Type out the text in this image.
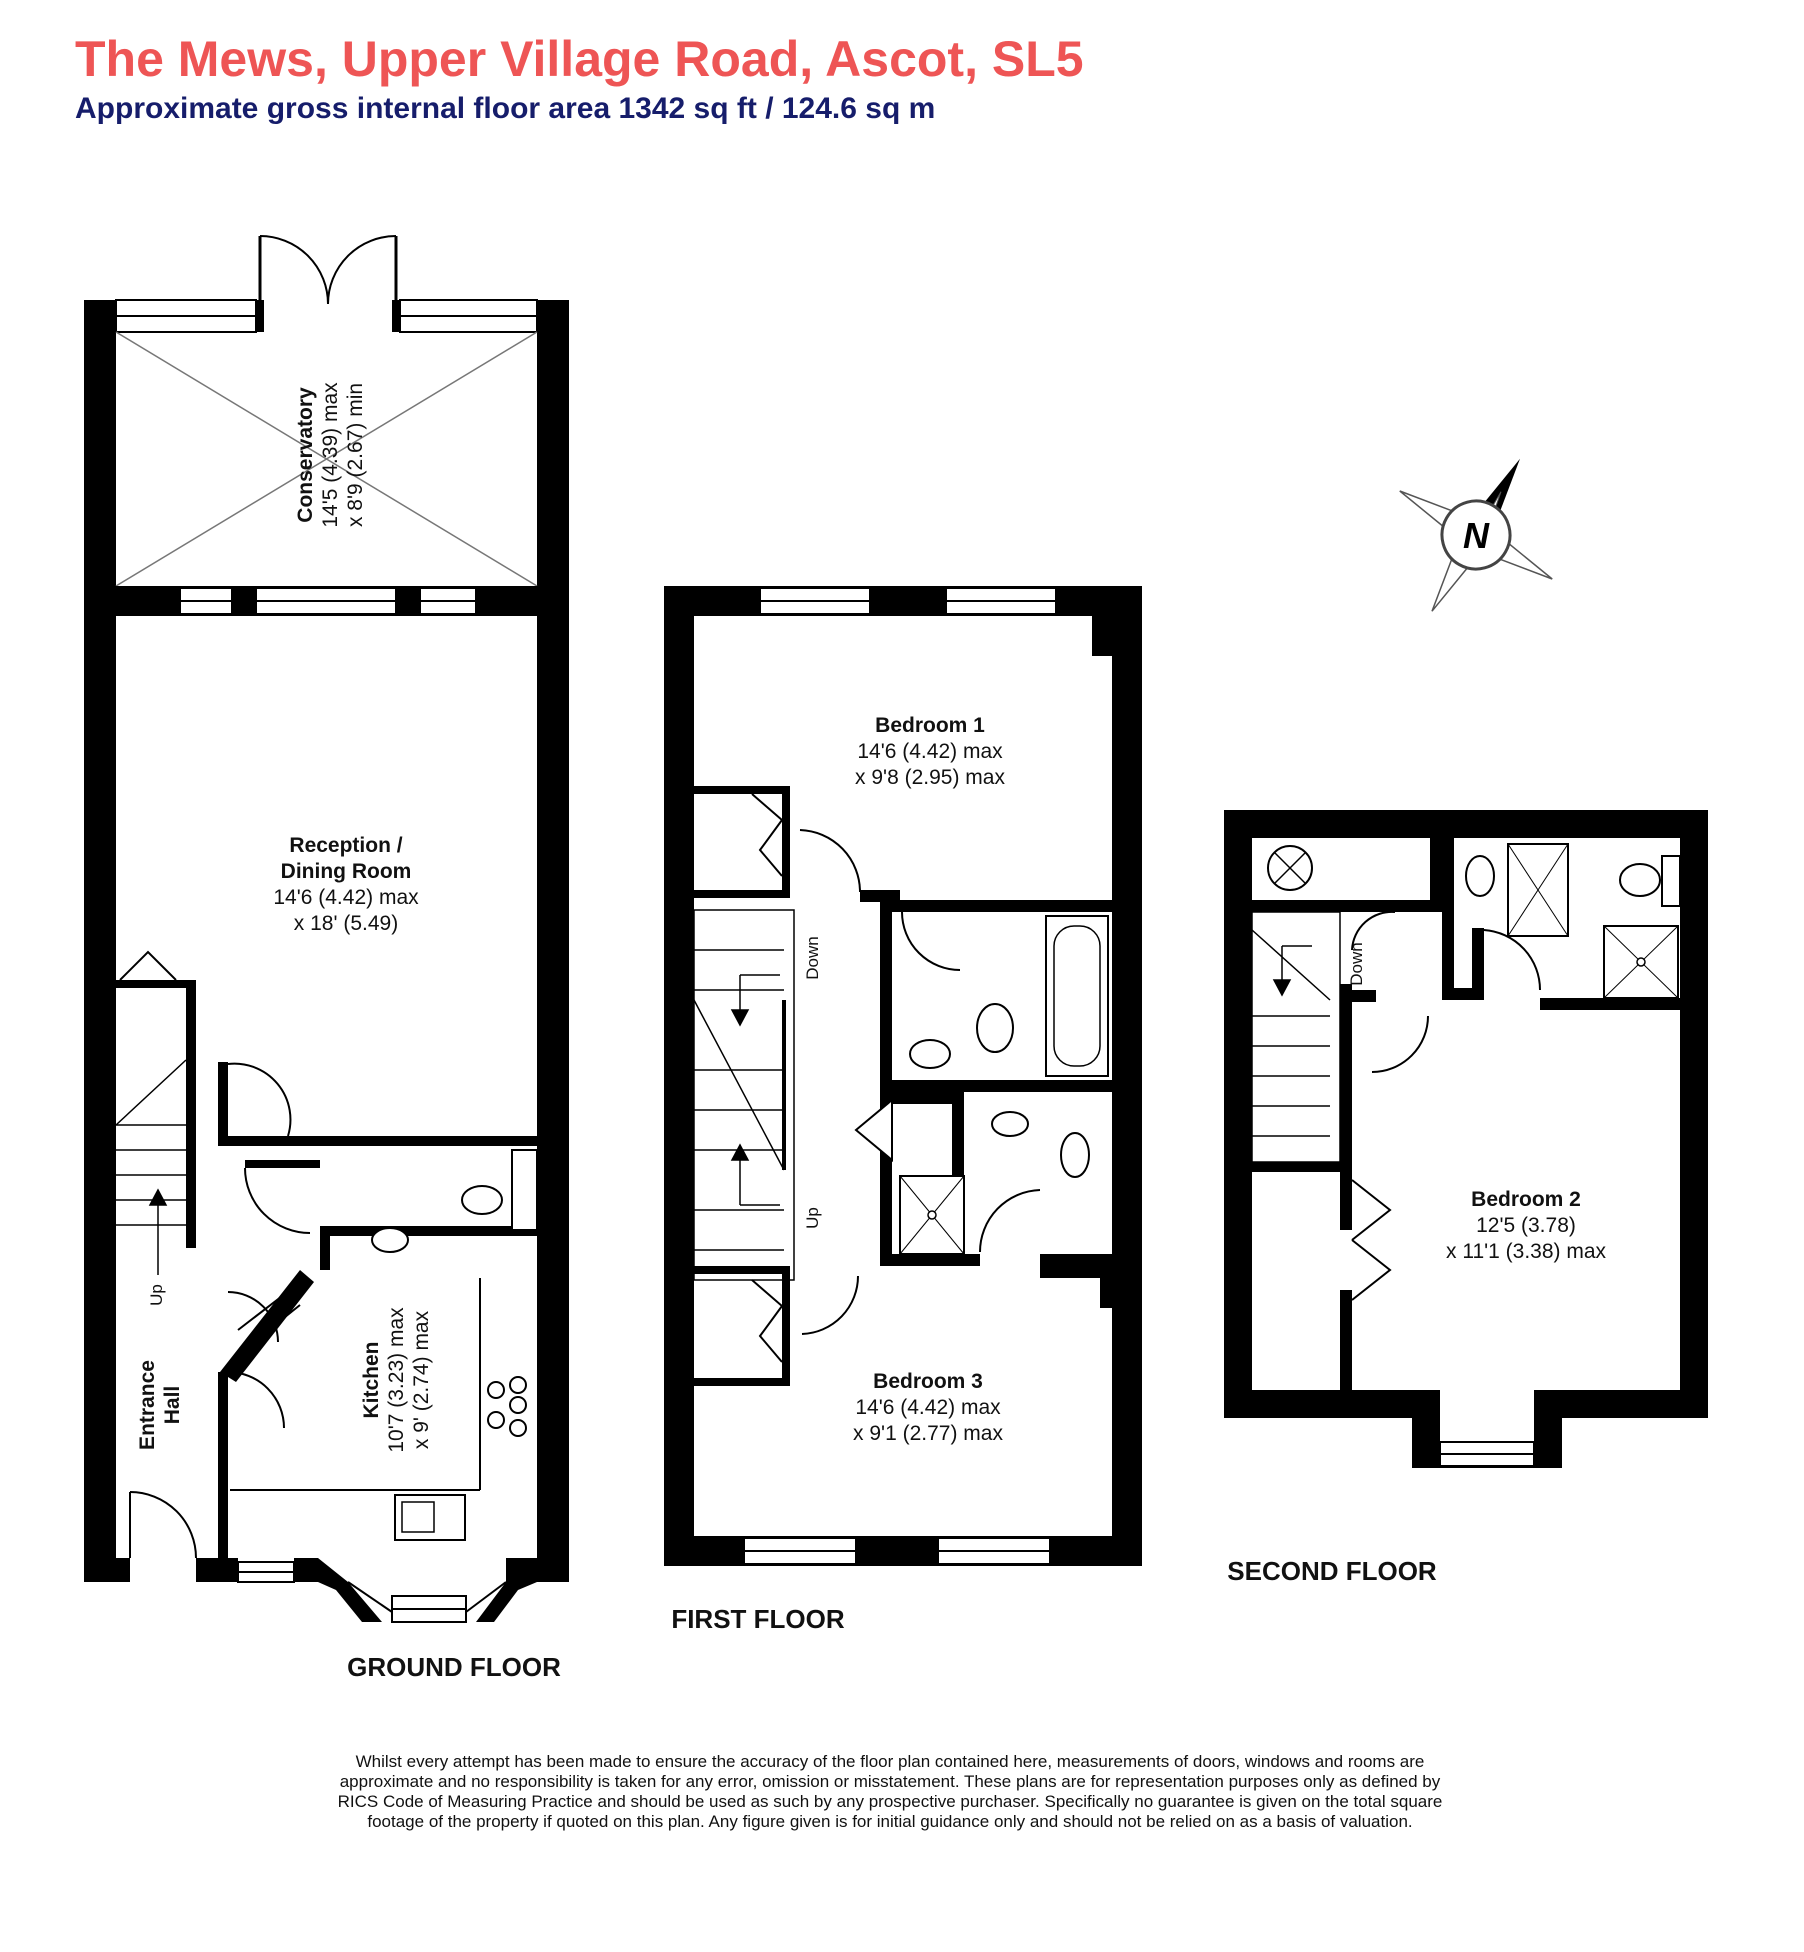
The Mews, Upper Village Road, Ascot, SL5
Approximate gross internal floor area 1342 sq ft / 124.6 sq m
N
Conservatory 14'5 (4.39) max x 8'9 (2.67) min
Reception /
Dining Room
14'6 (4.42) max
x 18' (5.49)
Kitchen 10'7 (3.23) max x 9' (2.74) max
Entrance Hall
Up
Bedroom 1
14'6 (4.42) max
x 9'8 (2.95) max
Down
Up
Bedroom 3
14'6 (4.42) max
x 9'1 (2.77) max
Down
Bedroom 2
12'5 (3.78)
x 11'1 (3.38) max
GROUND FLOOR
FIRST FLOOR
SECOND FLOOR
Whilst every attempt has been made to ensure the accuracy of the floor plan contained here, measurements of doors, windows and rooms are approximate and no responsibility is taken for any error, omission or misstatement. These plans are for representation purposes only as defined by RICS Code of Measuring Practice and should be used as such by any prospective purchaser. Specifically no guarantee is given on the total square footage of the property if quoted on this plan. Any figure given is for initial guidance only and should not be relied on as a basis of valuation.
